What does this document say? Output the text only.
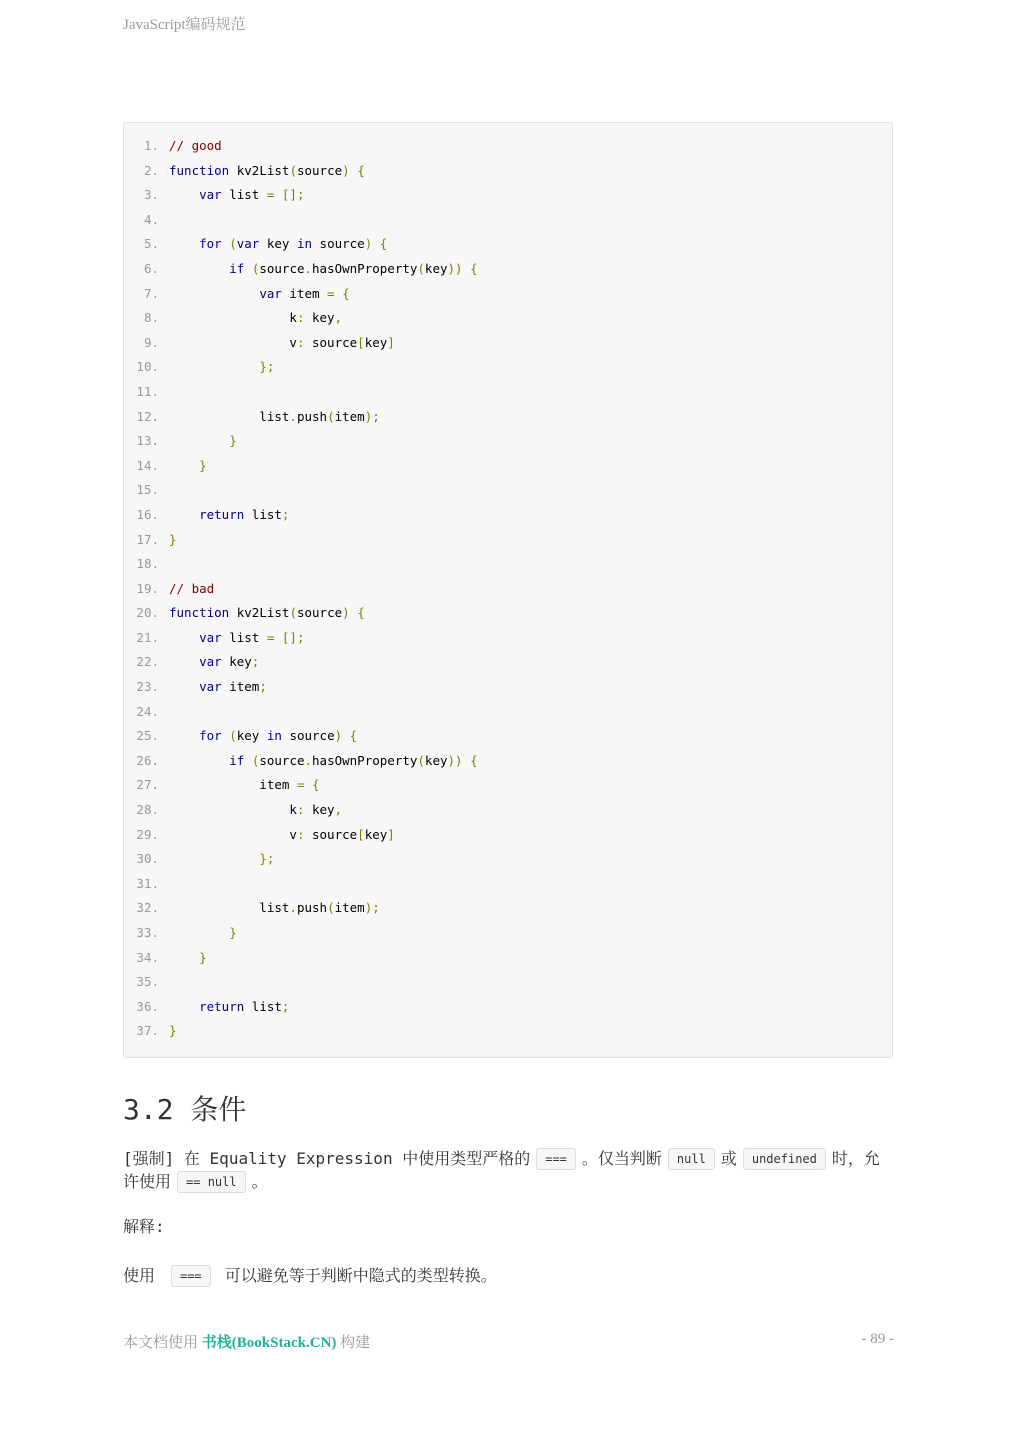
JavaScript编码规范
1. // good
2. function kv2List(source) {
3.	var list = [];
4.
5.	for (var key in source) {
6.	if (source.hasOwnProperty(key)) {
7.	var item = {
8.                k: key,
9.                v: source[key]
10.	};
11.
12.            list.push(item);
13.	}
14.	}
15.
16.	return list;
17. }
18.
19. // bad
20. function kv2List(source) {
21.	var list = [];
22.	var key;
23.	var item;
24.
25.	for (key in source) {
26.	if (source.hasOwnProperty(key)) {
27.            item = {
28.                k: key,
29.                v: source[key]
30.	};
31.
32.            list.push(item);
33.	}
34.	}
35.
36.	return list;
37. }
3.2 条件
[强制] 在 Equality Expression 中使用类型严格的 === 。仅当判断 null 或 undefined 时，允许使用 == null 。
解释:
使用 === 可以避免等于判断中隐式的类型转换。
本文档使用 书栈(BookStack.CN) 构建	- 89 -
